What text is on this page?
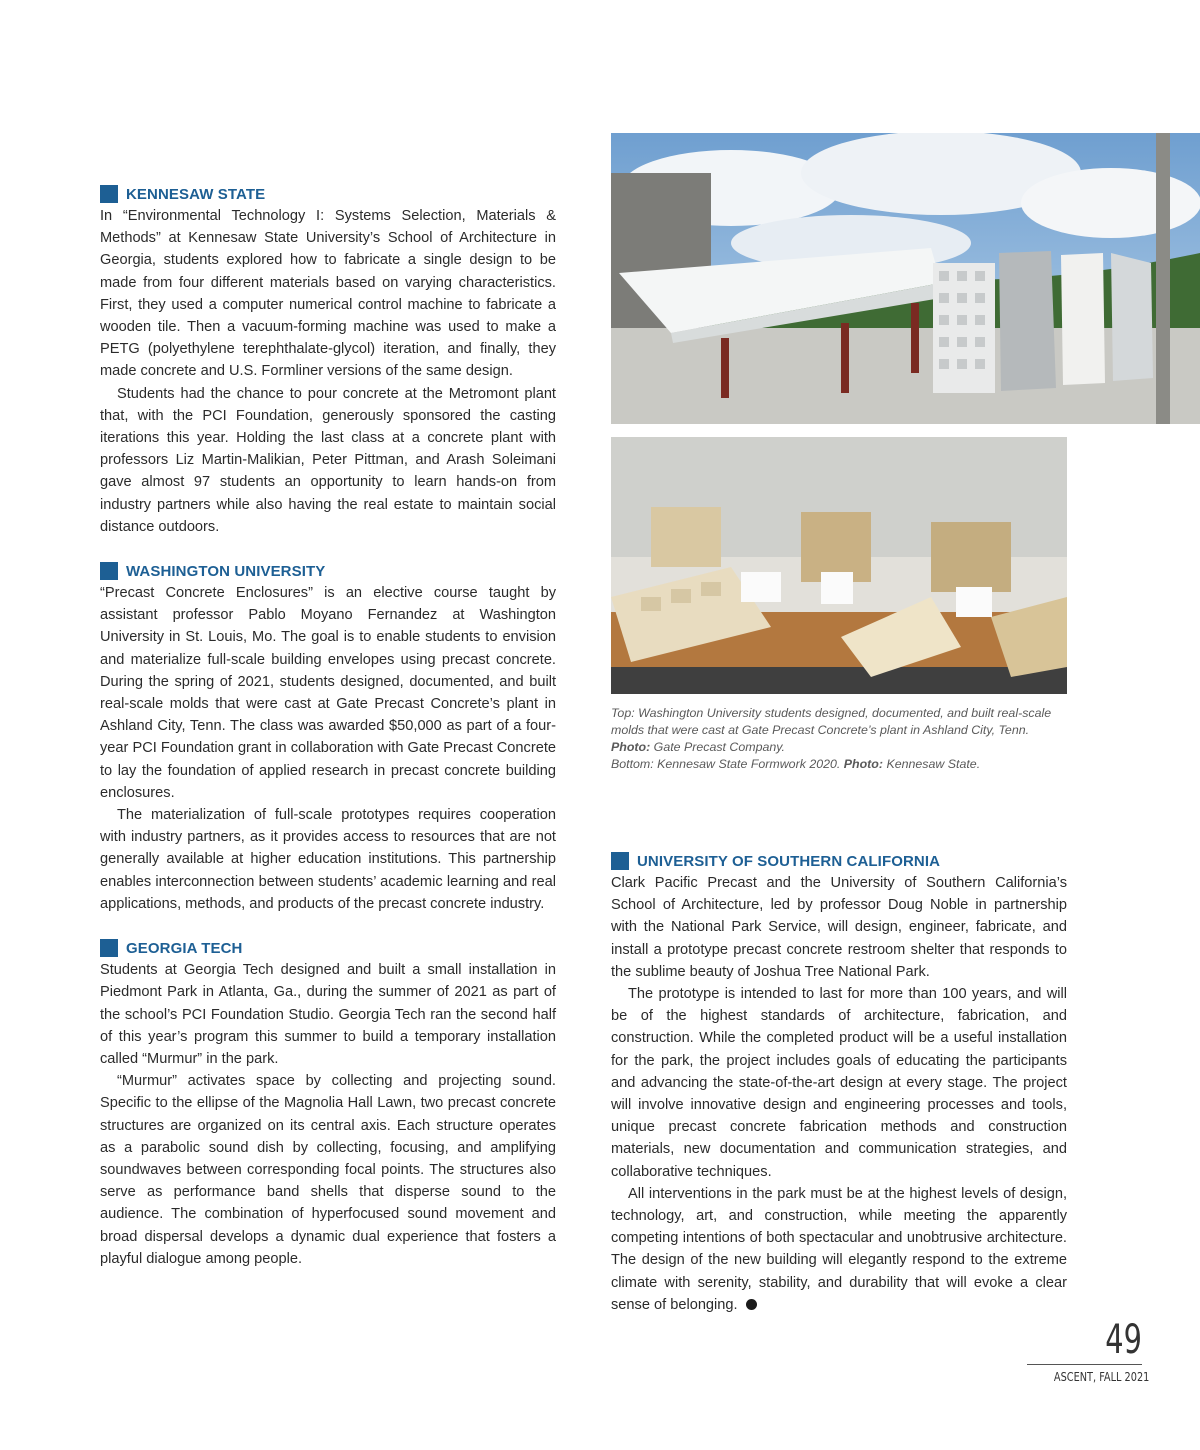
KENNESAW STATE

In “Environmental Technology I: Systems Selection, Materials & Methods” at Kennesaw State University’s School of Architecture in Georgia, students explored how to fabricate a single design to be made from four different materials based on varying characteristics. First, they used a computer numerical control machine to fabricate a wooden tile. Then a vacuum-forming machine was used to make a PETG (polyethylene terephthalate-glycol) iteration, and finally, they made concrete and U.S. Formliner versions of the same design.

Students had the chance to pour concrete at the Metromont plant that, with the PCI Foundation, generously sponsored the casting iterations this year. Holding the last class at a concrete plant with professors Liz Martin-Malikian, Peter Pittman, and Arash Soleimani gave almost 97 students an opportunity to learn hands-on from industry partners while also having the real estate to maintain social distance outdoors.

WASHINGTON UNIVERSITY

“Precast Concrete Enclosures” is an elective course taught by assistant professor Pablo Moyano Fernandez at Washington University in St. Louis, Mo. The goal is to enable students to envision and materialize full-scale building envelopes using precast concrete. During the spring of 2021, students designed, documented, and built real-scale molds that were cast at Gate Precast Concrete’s plant in Ashland City, Tenn. The class was awarded $50,000 as part of a four-year PCI Foundation grant in collaboration with Gate Precast Concrete to lay the foundation of applied research in precast concrete building enclosures.

The materialization of full-scale prototypes requires cooperation with industry partners, as it provides access to resources that are not generally available at higher education institutions. This partnership enables interconnection between students’ academic learning and real applications, methods, and products of the precast concrete industry.

GEORGIA TECH

Students at Georgia Tech designed and built a small installation in Piedmont Park in Atlanta, Ga., during the summer of 2021 as part of the school’s PCI Foundation Studio. Georgia Tech ran the second half of this year’s program this summer to build a temporary installation called “Murmur” in the park.

“Murmur” activates space by collecting and projecting sound. Specific to the ellipse of the Magnolia Hall Lawn, two precast concrete structures are organized on its central axis. Each structure operates as a parabolic sound dish by collecting, focusing, and amplifying soundwaves between corresponding focal points. The structures also serve as performance band shells that disperse sound to the audience. The combination of hyperfocused sound movement and broad dispersal develops a dynamic dual experience that fosters a playful dialogue among people.

Top: Washington University students designed, documented, and built real-scale molds that were cast at Gate Precast Concrete’s plant in Ashland City, Tenn. Photo: Gate Precast Company.

Bottom: Kennesaw State Formwork 2020. Photo: Kennesaw State.

UNIVERSITY OF SOUTHERN CALIFORNIA

Clark Pacific Precast and the University of Southern California’s School of Architecture, led by professor Doug Noble in partnership with the National Park Service, will design, engineer, fabricate, and install a prototype precast concrete restroom shelter that responds to the sublime beauty of Joshua Tree National Park.

The prototype is intended to last for more than 100 years, and will be of the highest standards of architecture, fabrication, and construction. While the completed product will be a useful installation for the park, the project includes goals of educating the participants and advancing the state-of-the-art design at every stage. The project will involve innovative design and engineering processes and tools, unique precast concrete fabrication methods and construction materials, new documentation and communication strategies, and collaborative techniques.

All interventions in the park must be at the highest levels of design, technology, art, and construction, while meeting the apparently competing intentions of both spectacular and unobtrusive architecture. The design of the new building will elegantly respond to the extreme climate with serenity, stability, and durability that will evoke a clear sense of belonging.

49
ASCENT, FALL 2021
